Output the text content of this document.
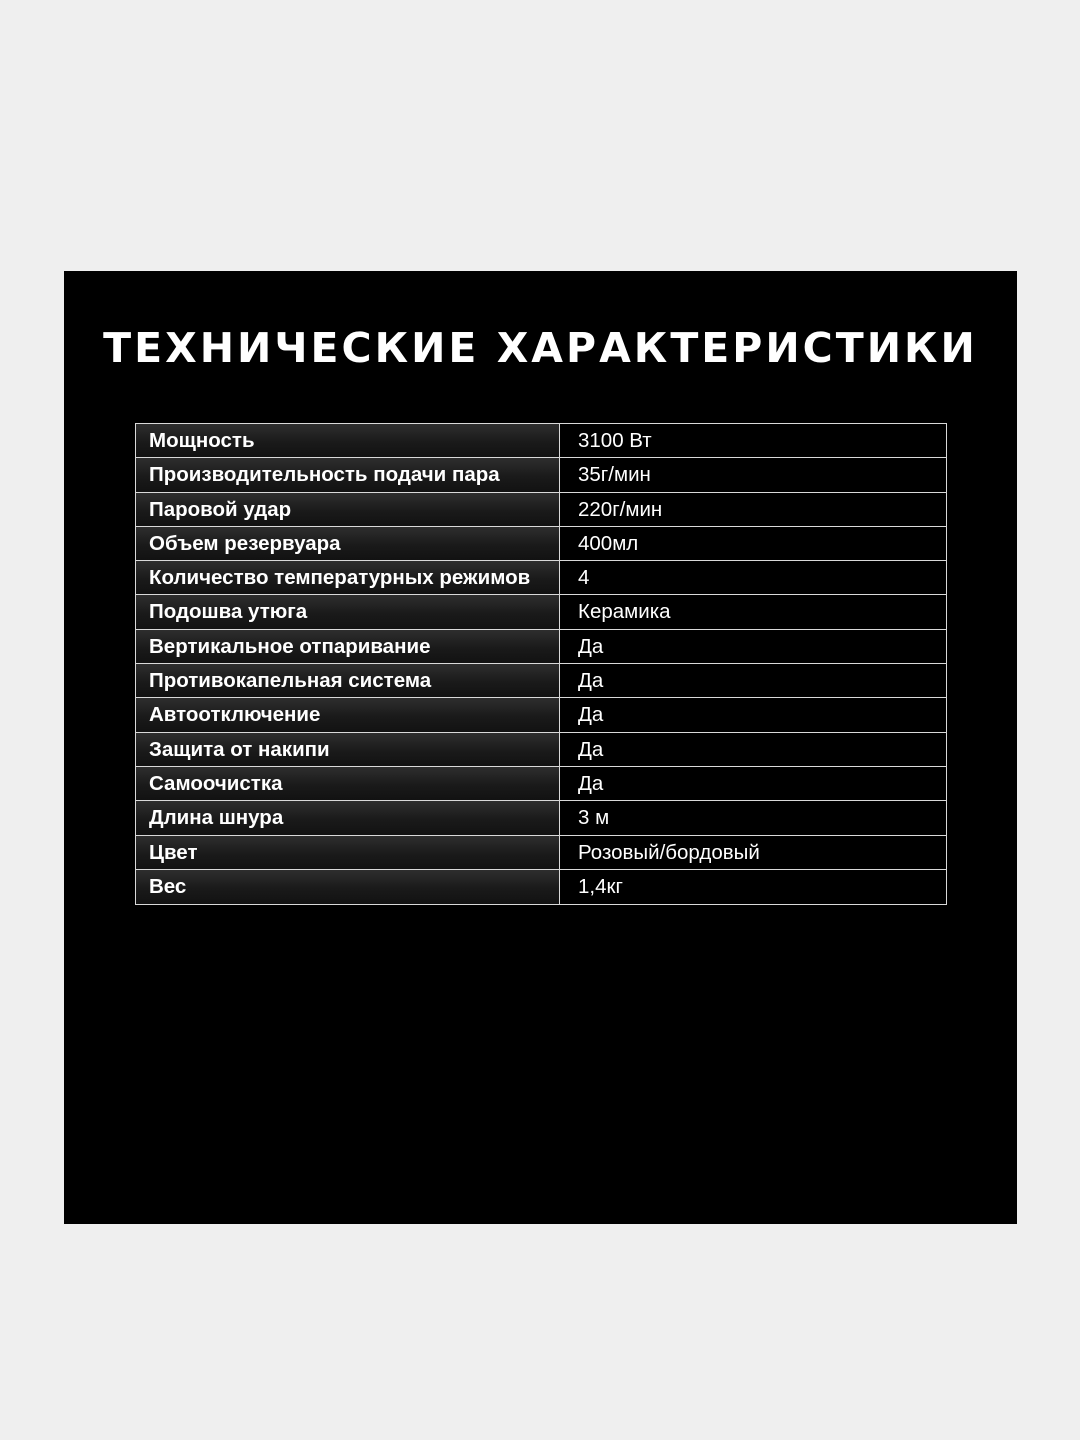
ТЕХНИЧЕСКИЕ ХАРАКТЕРИСТИКИ
Мощность	3100 Вт
Производительность подачи пара	35г/мин
Паровой удар	220г/мин
Объем резервуара	400мл
Количество температурных режимов	4
Подошва утюга	Керамика
Вертикальное отпаривание	Да
Противокапельная система	Да
Автоотключение	Да
Защита от накипи	Да
Самоочистка	Да
Длина шнура	3 м
Цвет	Розовый/бордовый
Вес	1,4кг
